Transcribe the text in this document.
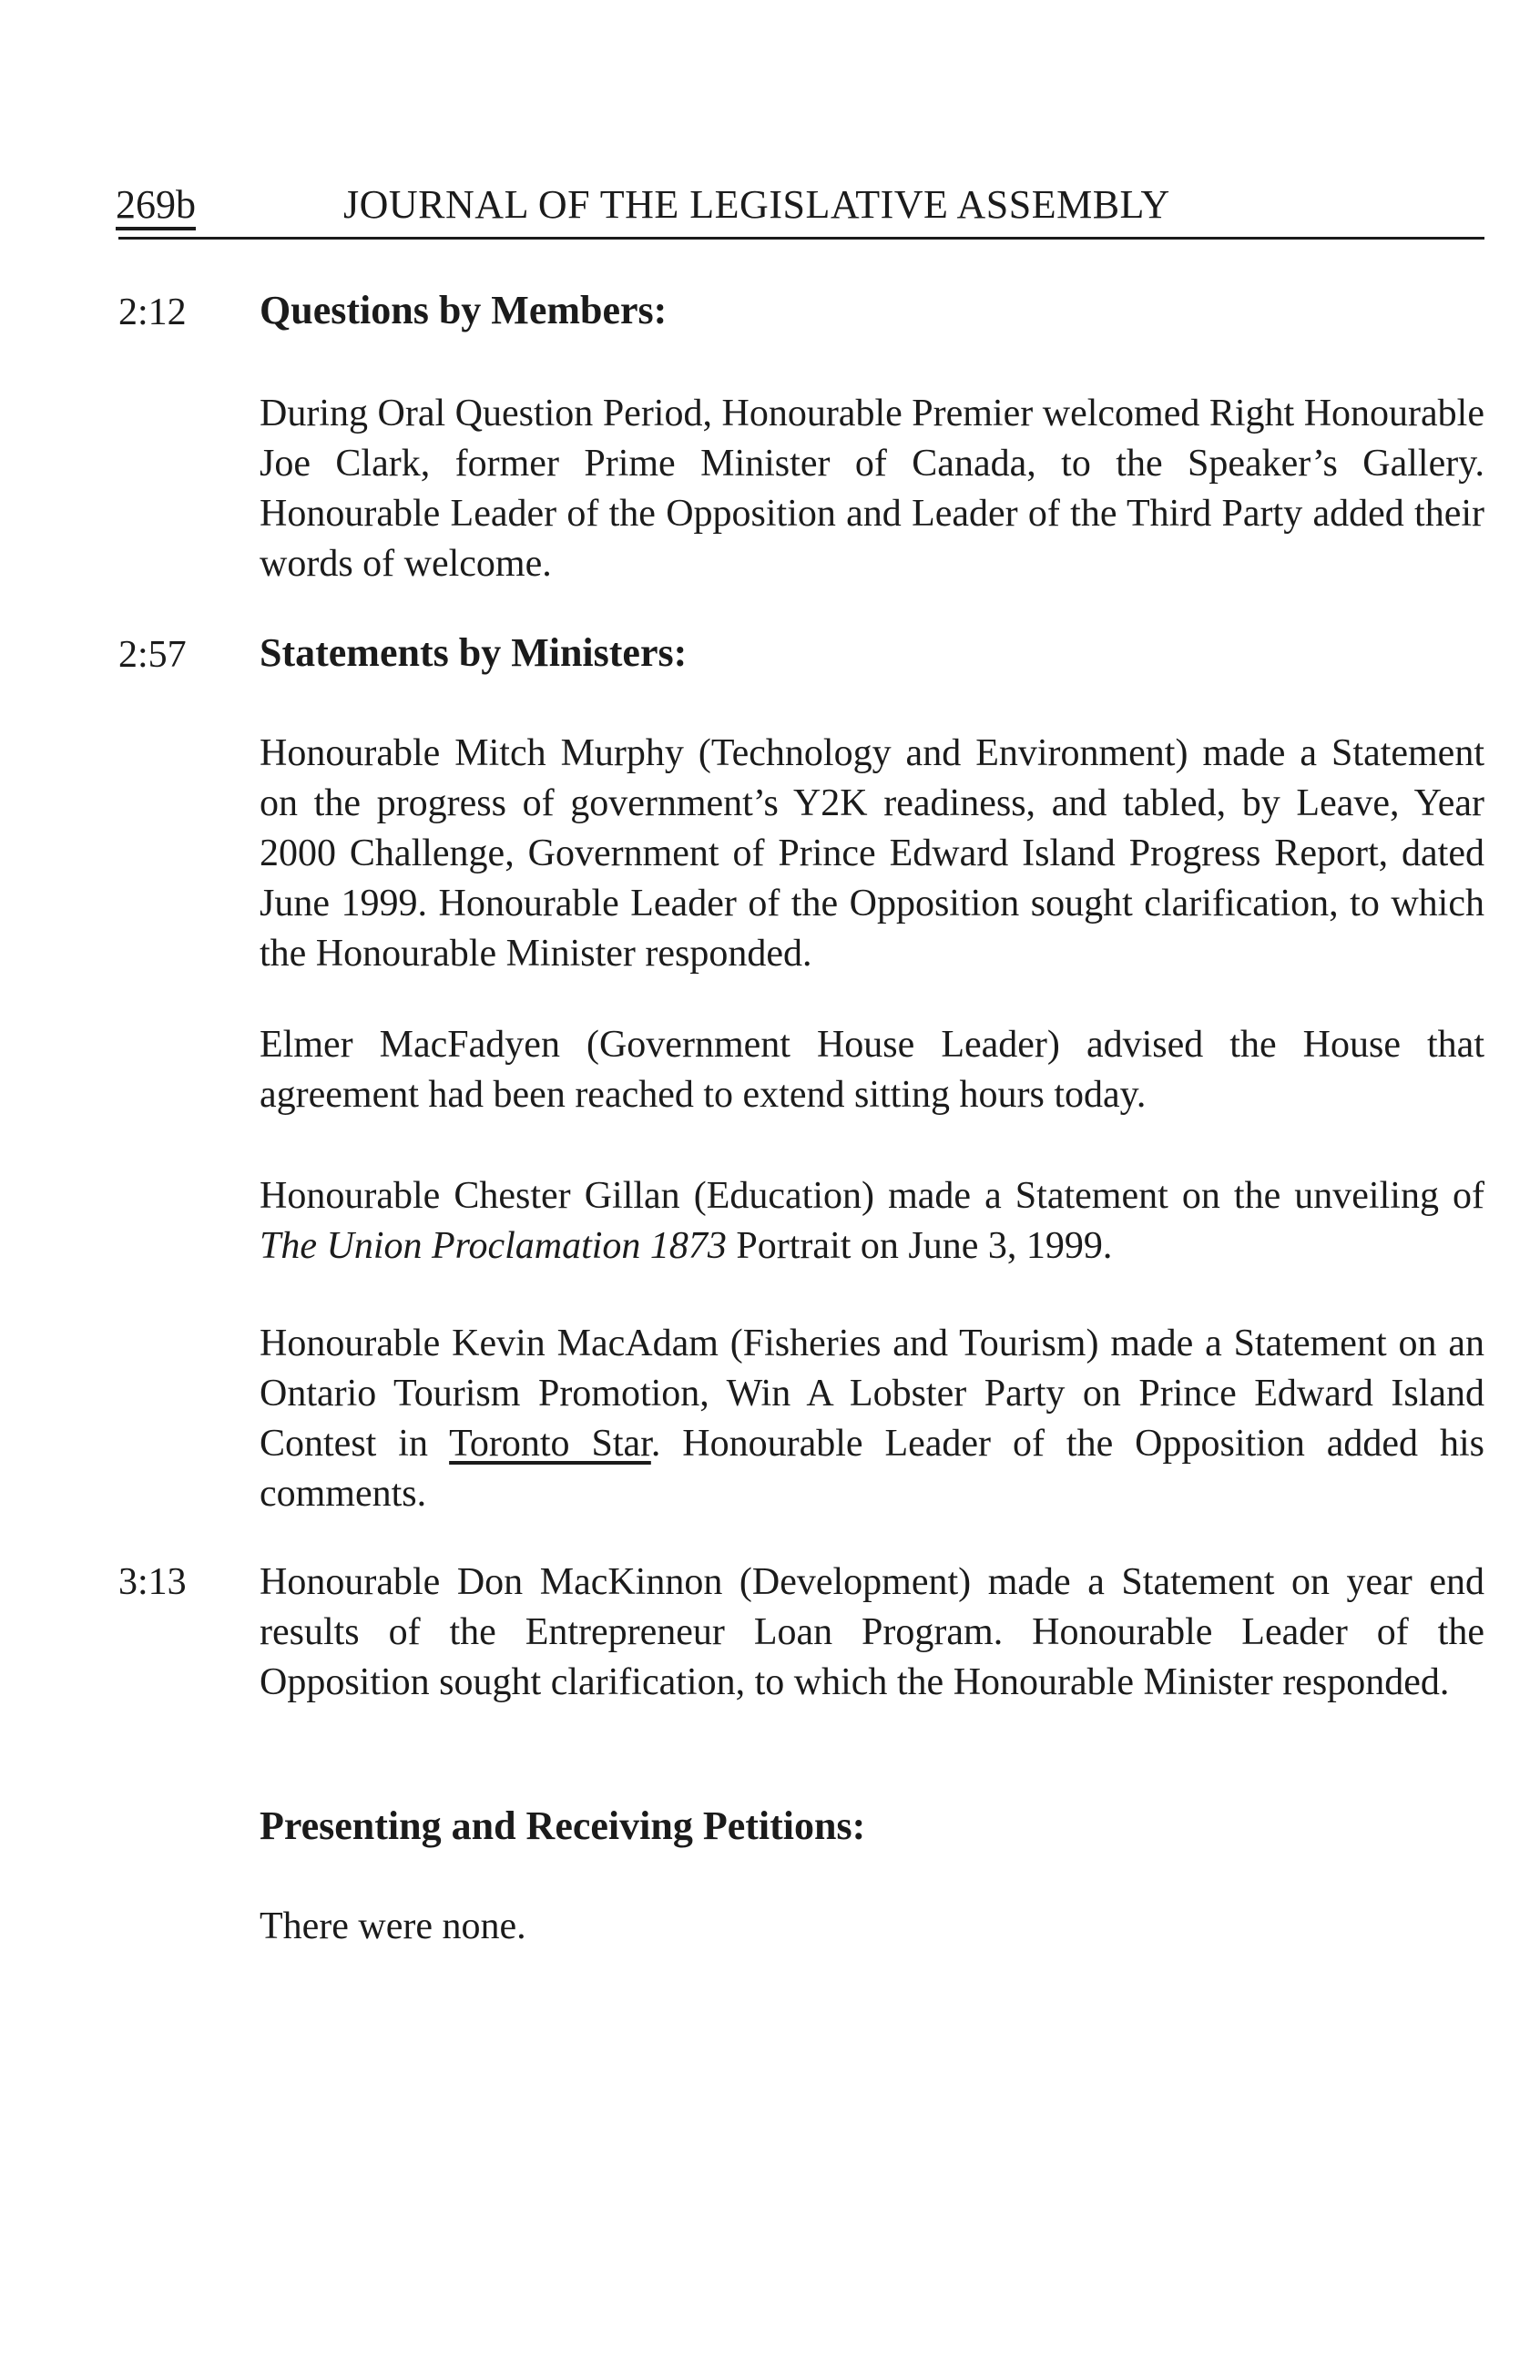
269b	JOURNAL OF THE LEGISLATIVE ASSEMBLY
2:12 Questions by Members:

During Oral Question Period, Honourable Premier welcomed Right Honourable Joe Clark, former Prime Minister of Canada, to the Speaker’s Gallery. Honourable Leader of the Opposition and Leader of the Third Party added their words of welcome.

2:57 Statements by Ministers:

Honourable Mitch Murphy (Technology and Environment) made a Statement on the progress of government’s Y2K readiness, and tabled, by Leave, Year 2000 Challenge, Government of Prince Edward Island Progress Report, dated June 1999. Honourable Leader of the Opposition sought clarification, to which the Honourable Minister responded.

Elmer MacFadyen (Government House Leader) advised the House that agreement had been reached to extend sitting hours today.

Honourable Chester Gillan (Education) made a Statement on the unveiling of The Union Proclamation 1873 Portrait on June 3, 1999.

Honourable Kevin MacAdam (Fisheries and Tourism) made a Statement on an Ontario Tourism Promotion, Win A Lobster Party on Prince Edward Island Contest in Toronto Star. Honourable Leader of the Opposition added his comments.

3:13 Honourable Don MacKinnon (Development) made a Statement on year end results of the Entrepreneur Loan Program. Honourable Leader of the Opposition sought clarification, to which the Honourable Minister responded.

Presenting and Receiving Petitions:

There were none.
